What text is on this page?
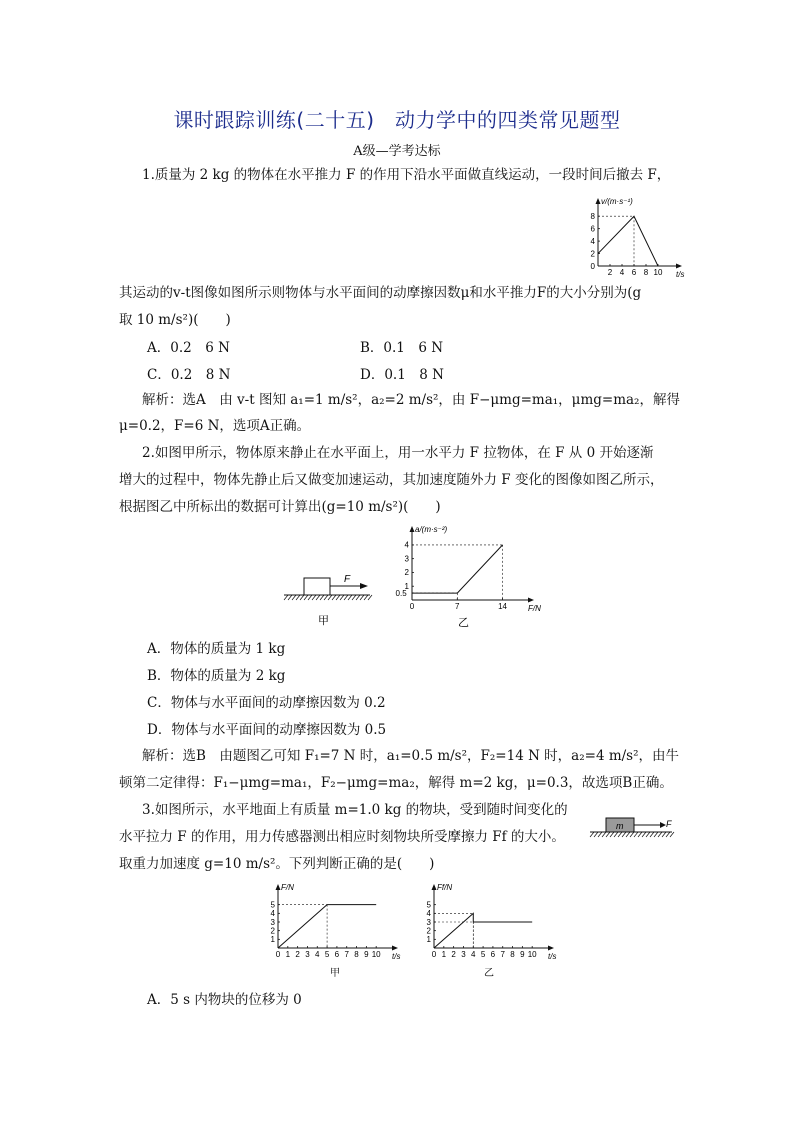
课时跟踪训练(二十五)　动力学中的四类常见题型
A级—学考达标
1.质量为 2 kg 的物体在水平推力 F 的作用下沿水平面做直线运动，一段时间后撤去 F，
v/(m·s⁻¹)
t/s
2 4 6 8 10
0
2
4
6
8
其运动的v-t图像如图所示则物体与水平面间的动摩擦因数μ和水平推力F的大小分别为(g
取 10 m/s²)(　　)
A．0.2　6 N	B．0.1　6 N
C．0.2　8 N	D．0.1　8 N
解析：选A　由 v-t 图知 a₁=1 m/s²，a₂=2 m/s²，由 F−μmg=ma₁，μmg=ma₂，解得
μ=0.2，F=6 N，选项A正确。
2.如图甲所示，物体原来静止在水平面上，用一水平力 F 拉物体，在 F 从 0 开始逐渐
增大的过程中，物体先静止后又做变加速运动，其加速度随外力 F 变化的图像如图乙所示，
根据图乙中所标出的数据可计算出(g=10 m/s²)(　　)
F
甲
a/(m·s⁻²)
F/N
0	7	14
0.5
1
2
3
4
乙
A．物体的质量为 1 kg
B．物体的质量为 2 kg
C．物体与水平面间的动摩擦因数为 0.2
D．物体与水平面间的动摩擦因数为 0.5
解析：选B　由题图乙可知 F₁=7 N 时，a₁=0.5 m/s²，F₂=14 N 时，a₂=4 m/s²，由牛
顿第二定律得：F₁−μmg=ma₁，F₂−μmg=ma₂，解得 m=2 kg，μ=0.3，故选项B正确。
3.如图所示，水平地面上有质量 m=1.0 kg 的物块，受到随时间变化的
水平拉力 F 的作用，用力传感器测出相应时刻物块所受摩擦力 Ff 的大小。
取重力加速度 g=10 m/s²。下列判断正确的是(　　)
m	F
F/N
t/s
0 1 2 3 4 5 6 7 8 9 10
1
2
3
4
5
甲
Ff/N
t/s
0 1 2 3 4 5 6 7 8 9 10
1
2
3
4
5
乙
A．5 s 内物块的位移为 0
